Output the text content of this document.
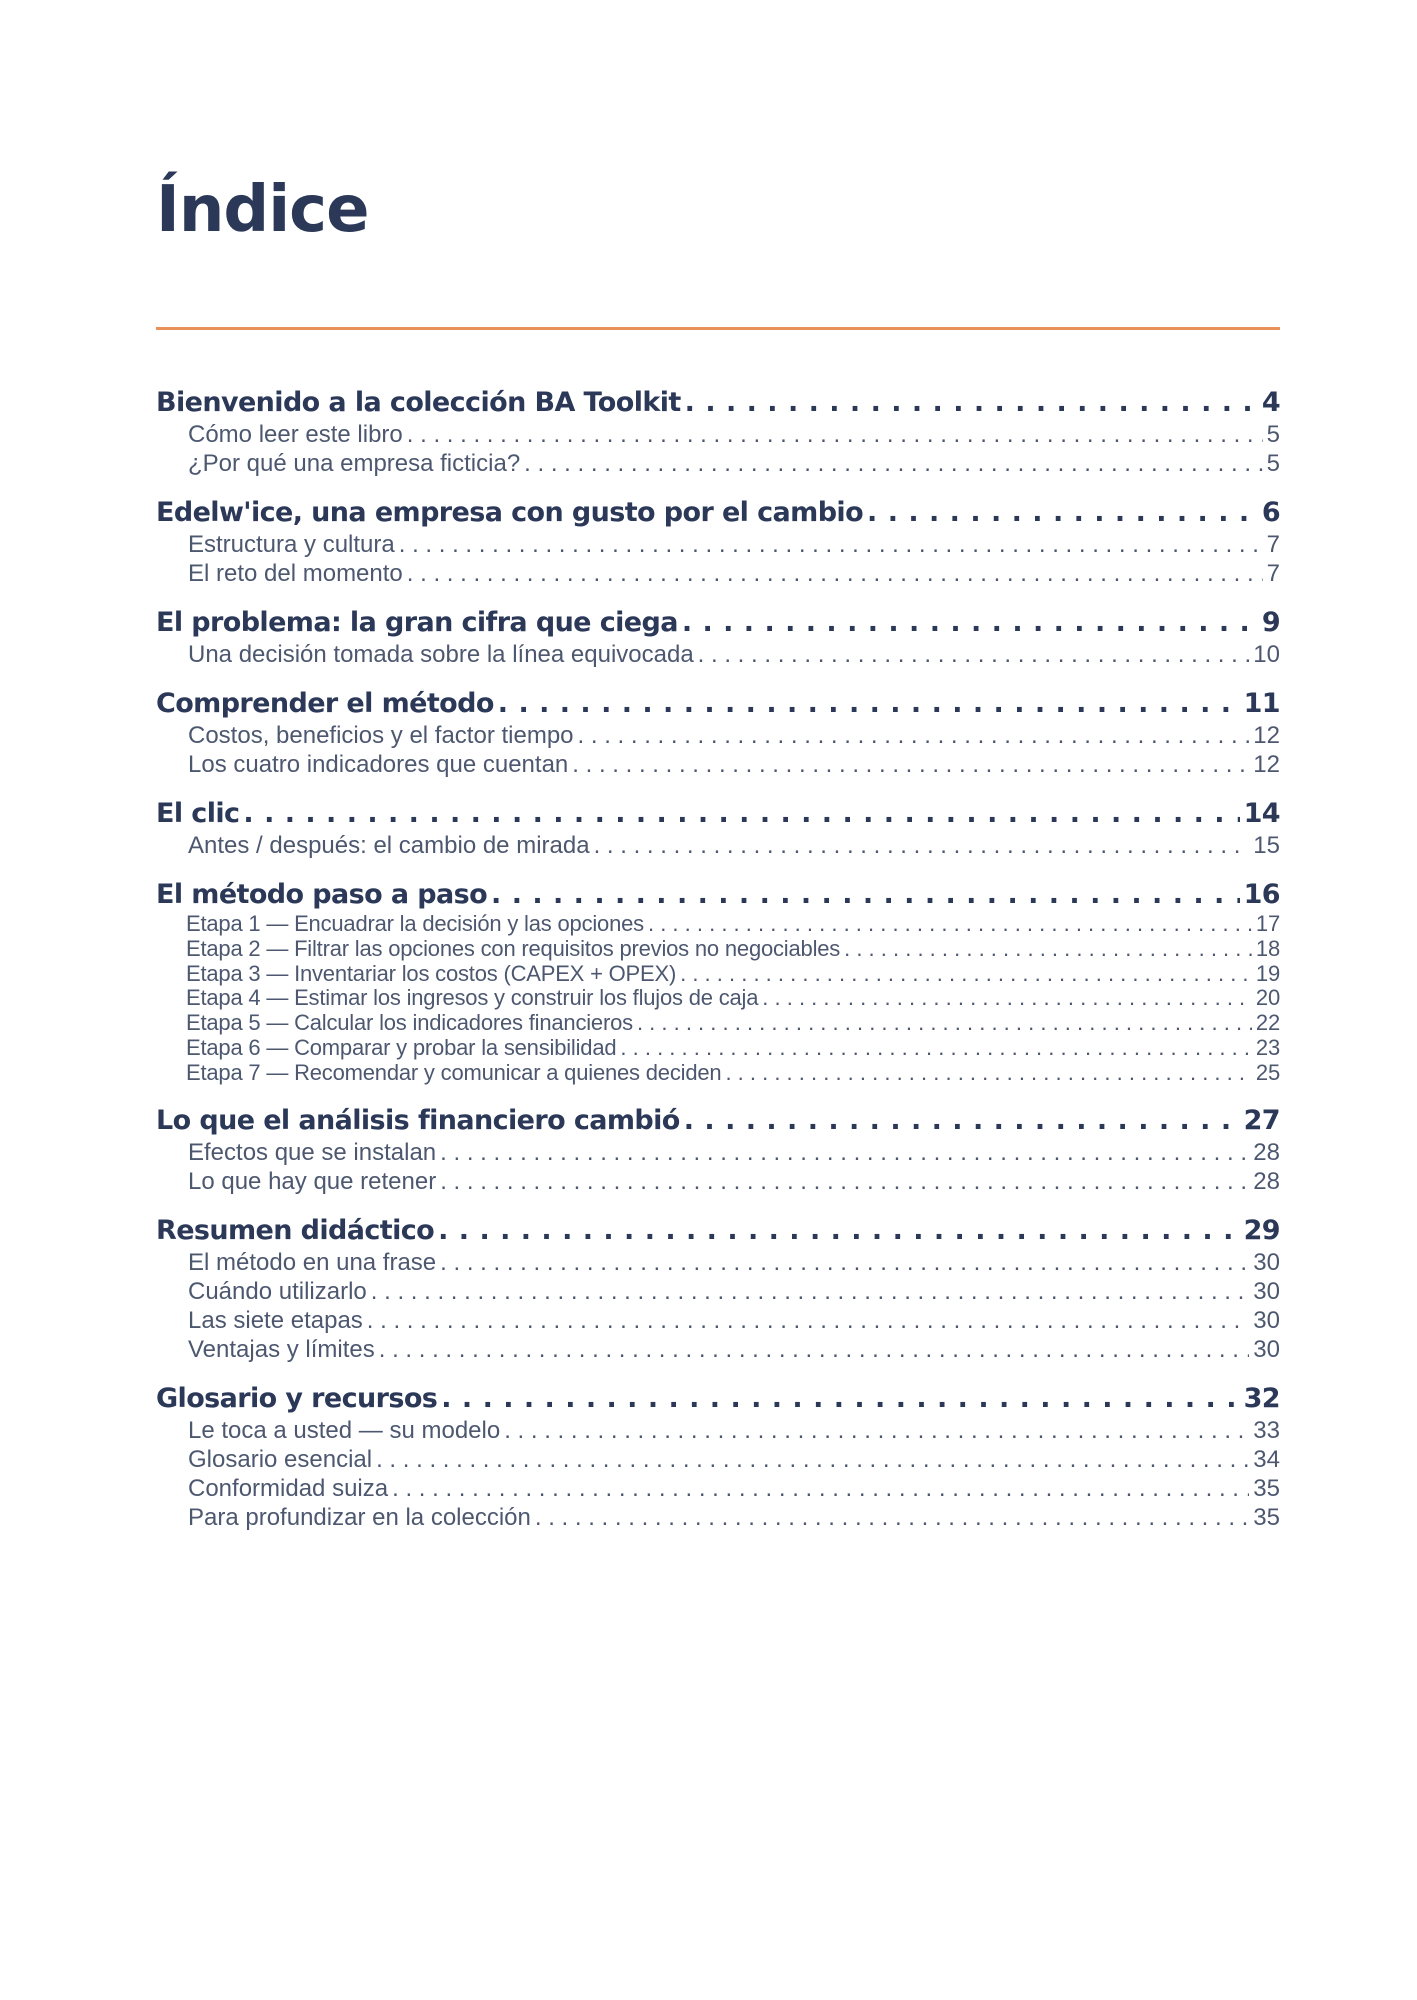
Índice
Bienvenido a la colección BA Toolkit . . .	4
Cómo leer este libro . . .	5
¿Por qué una empresa ficticia? . . .	5
Edelw'ice, una empresa con gusto por el cambio . . .	6
Estructura y cultura . . .	7
El reto del momento . . .	7
El problema: la gran cifra que ciega . . .	9
Una decisión tomada sobre la línea equivocada . . .	10
Comprender el método . . .	11
Costos, beneficios y el factor tiempo . . .	12
Los cuatro indicadores que cuentan . . .	12
El clic . . .	14
Antes / después: el cambio de mirada . . .	15
El método paso a paso . . .	16
Etapa 1 — Encuadrar la decisión y las opciones . . .	17
Etapa 2 — Filtrar las opciones con requisitos previos no negociables . . .	18
Etapa 3 — Inventariar los costos (CAPEX + OPEX) . . .	19
Etapa 4 — Estimar los ingresos y construir los flujos de caja . . .	20
Etapa 5 — Calcular los indicadores financieros . . .	22
Etapa 6 — Comparar y probar la sensibilidad . . .	23
Etapa 7 — Recomendar y comunicar a quienes deciden . . .	25
Lo que el análisis financiero cambió . . .	27
Efectos que se instalan . . .	28
Lo que hay que retener . . .	28
Resumen didáctico . . .	29
El método en una frase . . .	30
Cuándo utilizarlo . . .	30
Las siete etapas . . .	30
Ventajas y límites . . .	30
Glosario y recursos . . .	32
Le toca a usted — su modelo . . .	33
Glosario esencial . . .	34
Conformidad suiza . . .	35
Para profundizar en la colección . . .	35
